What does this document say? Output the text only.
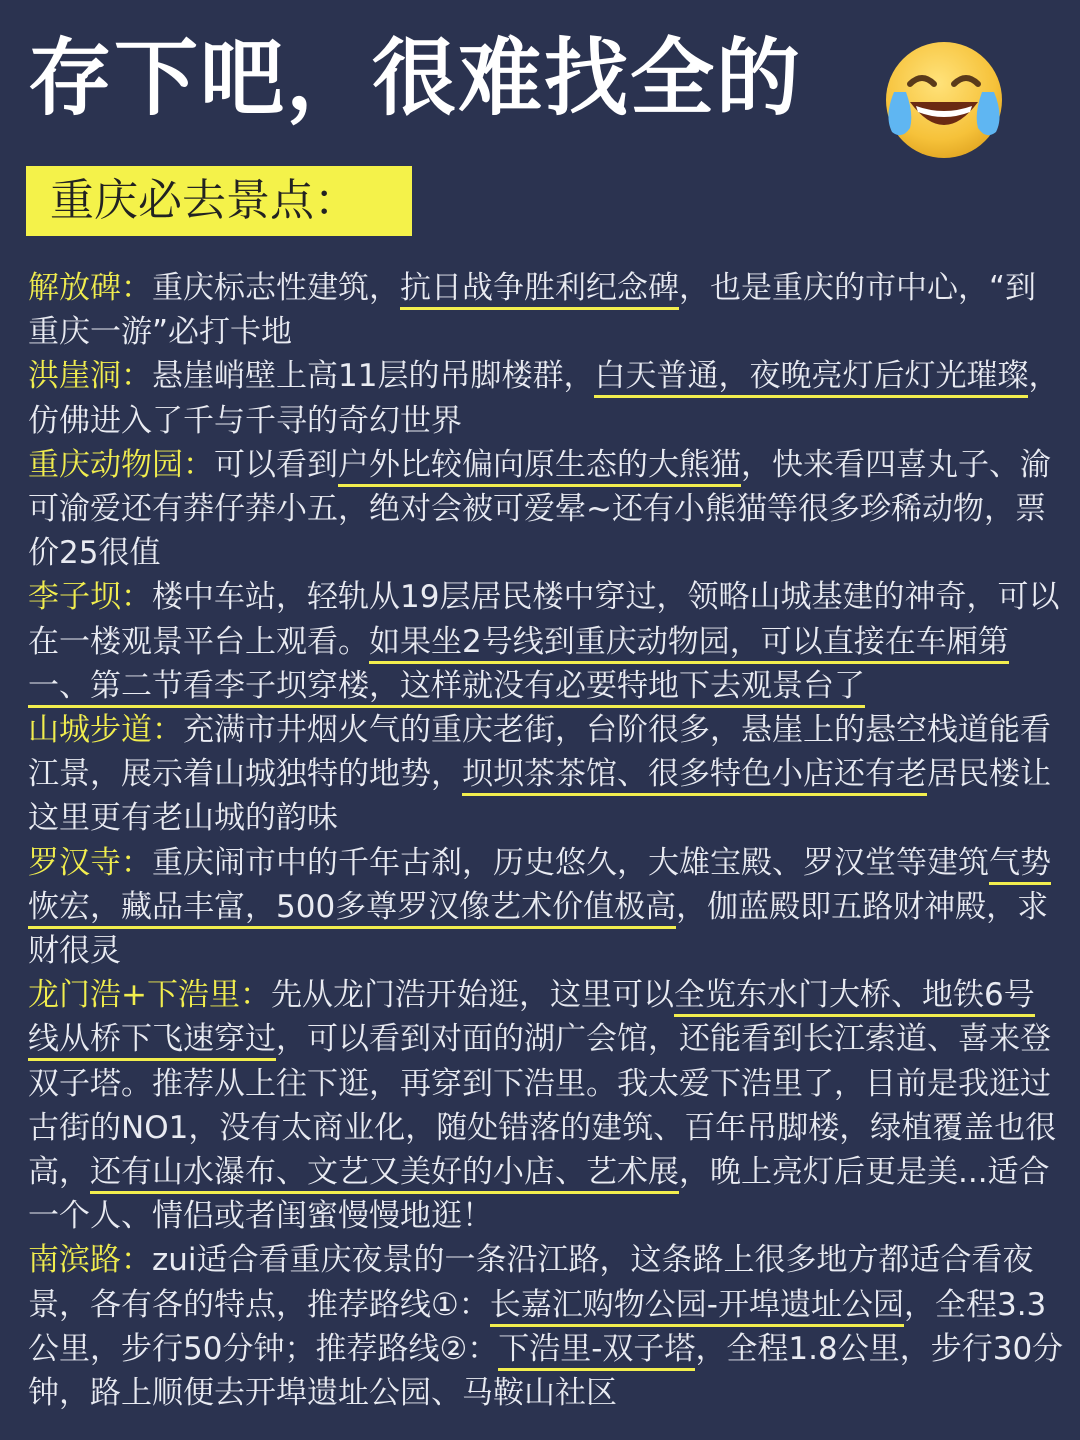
存下吧，很难找全的
重庆必去景点：

解放碑：重庆标志性建筑，抗日战争胜利纪念碑，也是重庆的市中心，“到重庆一游”必打卡地

洪崖洞：悬崖峭壁上高11层的吊脚楼群，白天普通，夜晚亮灯后灯光璀璨，仿佛进入了千与千寻的奇幻世界

重庆动物园：可以看到户外比较偏向原生态的大熊猫，快来看四喜丸子、渝可渝爱还有莽仔莽小五，绝对会被可爱晕~还有小熊猫等很多珍稀动物，票价25很值

李子坝：楼中车站，轻轨从19层居民楼中穿过，领略山城基建的神奇，可以在一楼观景平台上观看。如果坐2号线到重庆动物园，可以直接在车厢第一、第二节看李子坝穿楼，这样就没有必要特地下去观景台了

山城步道：充满市井烟火气的重庆老街，台阶很多，悬崖上的悬空栈道能看江景，展示着山城独特的地势，坝坝茶茶馆、很多特色小店还有老居民楼让这里更有老山城的韵味

罗汉寺：重庆闹市中的千年古刹，历史悠久，大雄宝殿、罗汉堂等建筑气势恢宏，藏品丰富，500多尊罗汉像艺术价值极高，伽蓝殿即五路财神殿，求财很灵

龙门浩+下浩里：先从龙门浩开始逛，这里可以全览东水门大桥、地铁6号线从桥下飞速穿过，可以看到对面的湖广会馆，还能看到长江索道、喜来登双子塔。推荐从上往下逛，再穿到下浩里。我太爱下浩里了，目前是我逛过古街的NO1，没有太商业化，随处错落的建筑、百年吊脚楼，绿植覆盖也很高，还有山水瀑布、文艺又美好的小店、艺术展，晚上亮灯后更是美...适合一个人、情侣或者闺蜜慢慢地逛！

南滨路：zui适合看重庆夜景的一条沿江路，这条路上很多地方都适合看夜景，各有各的特点，推荐路线①：长嘉汇购物公园-开埠遗址公园，全程3.3公里，步行50分钟；推荐路线②：下浩里-双子塔，全程1.8公里，步行30分钟，路上顺便去开埠遗址公园、马鞍山社区
